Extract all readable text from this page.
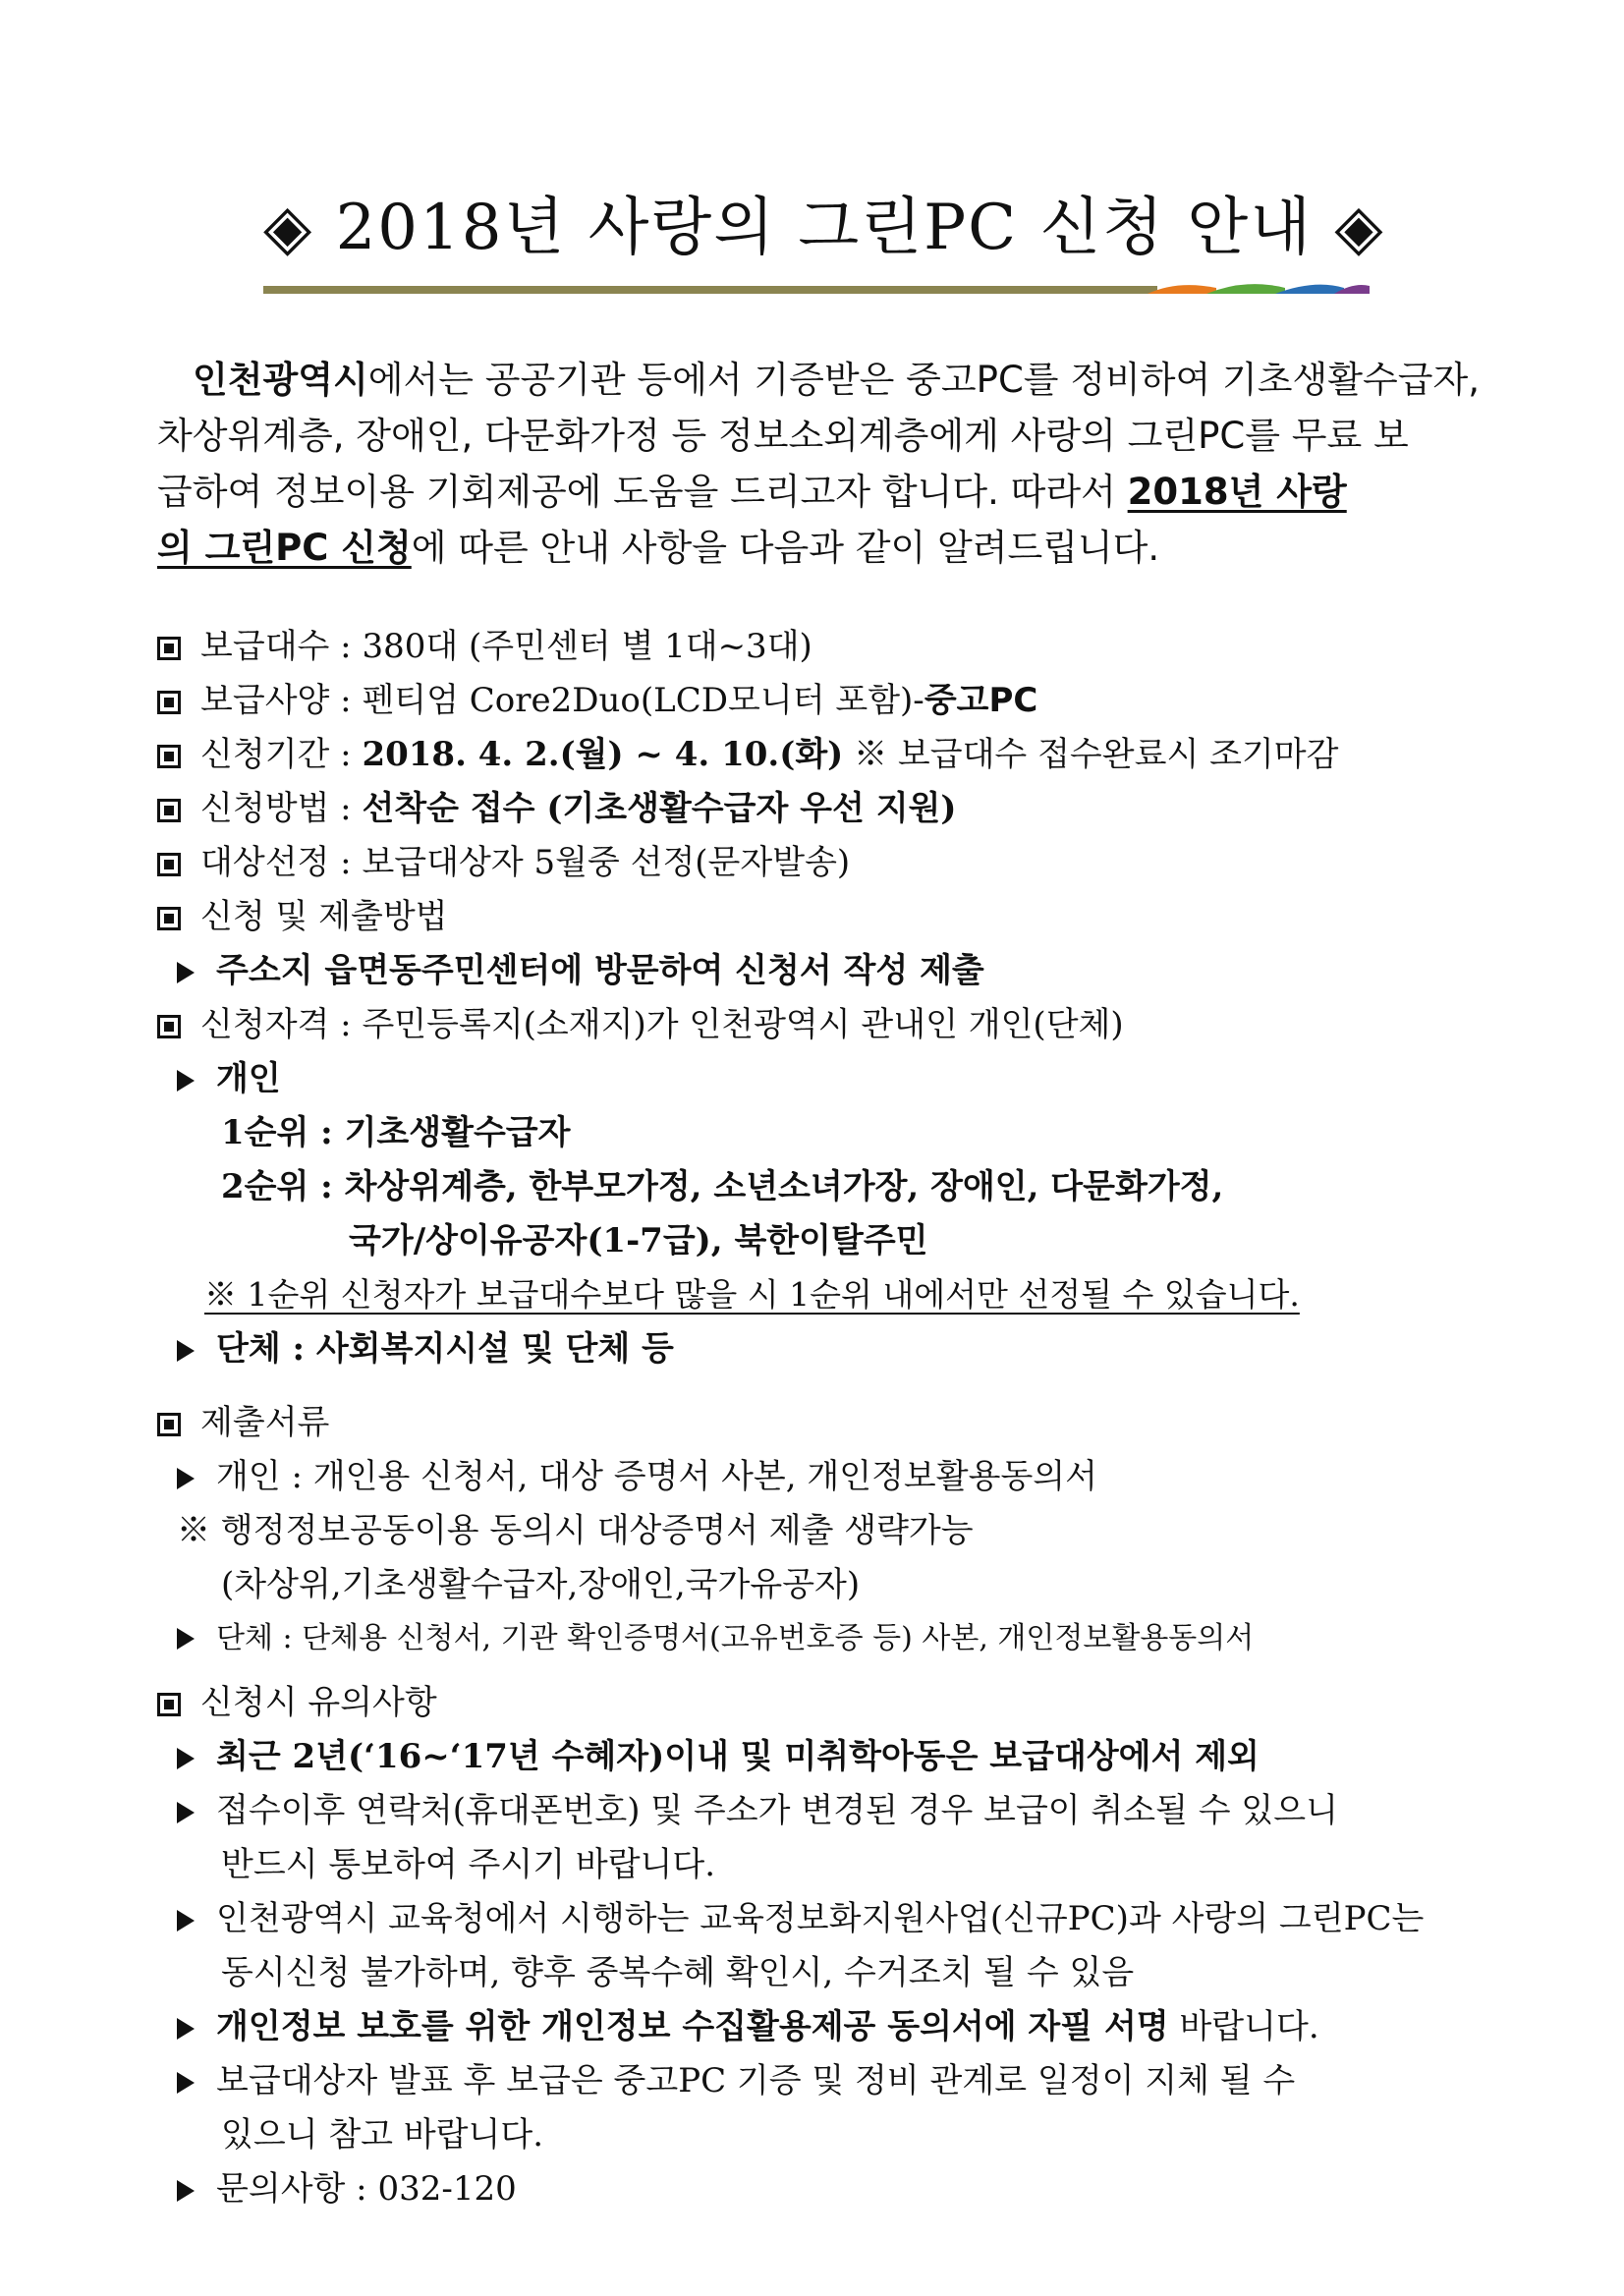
◈ 2018년 사랑의 그린PC 신청 안내 ◈
인천광역시에서는 공공기관 등에서 기증받은 중고PC를 정비하여 기초생활수급자,
차상위계층, 장애인, 다문화가정 등 정보소외계층에게 사랑의 그린PC를 무료 보
급하여 정보이용 기회제공에 도움을 드리고자 합니다. 따라서 2018년 사랑
의 그린PC 신청에 따른 안내 사항을 다음과 같이 알려드립니다.
보급대수 : 380대 (주민센터 별 1대~3대)
보급사양 : 펜티엄 Core2Duo(LCD모니터 포함)-중고PC
신청기간 : 2018. 4. 2.(월) ~ 4. 10.(화) ※ 보급대수 접수완료시 조기마감
신청방법 : 선착순 접수 (기초생활수급자 우선 지원)
대상선정 : 보급대상자 5월중 선정(문자발송)
신청 및 제출방법
주소지 읍면동주민센터에 방문하여 신청서 작성 제출
신청자격 : 주민등록지(소재지)가 인천광역시 관내인 개인(단체)
개인
1순위 : 기초생활수급자
2순위 : 차상위계층, 한부모가정, 소년소녀가장, 장애인, 다문화가정,
국가/상이유공자(1-7급), 북한이탈주민
※ 1순위 신청자가 보급대수보다 많을 시 1순위 내에서만 선정될 수 있습니다.
단체 : 사회복지시설 및 단체 등
제출서류
개인 : 개인용 신청서, 대상 증명서 사본, 개인정보활용동의서
※ 행정정보공동이용 동의시 대상증명서 제출 생략가능
(차상위,기초생활수급자,장애인,국가유공자)
단체 : 단체용 신청서, 기관 확인증명서(고유번호증 등) 사본, 개인정보활용동의서
신청시 유의사항
최근 2년(‘16~‘17년 수혜자)이내 및 미취학아동은 보급대상에서 제외
접수이후 연락처(휴대폰번호) 및 주소가 변경된 경우 보급이 취소될 수 있으니
반드시 통보하여 주시기 바랍니다.
인천광역시 교육청에서 시행하는 교육정보화지원사업(신규PC)과 사랑의 그린PC는
동시신청 불가하며, 향후 중복수혜 확인시, 수거조치 될 수 있음
개인정보 보호를 위한 개인정보 수집활용제공 동의서에 자필 서명 바랍니다.
보급대상자 발표 후 보급은 중고PC 기증 및 정비 관계로 일정이 지체 될 수
있으니 참고 바랍니다.
문의사항 : 032-120
